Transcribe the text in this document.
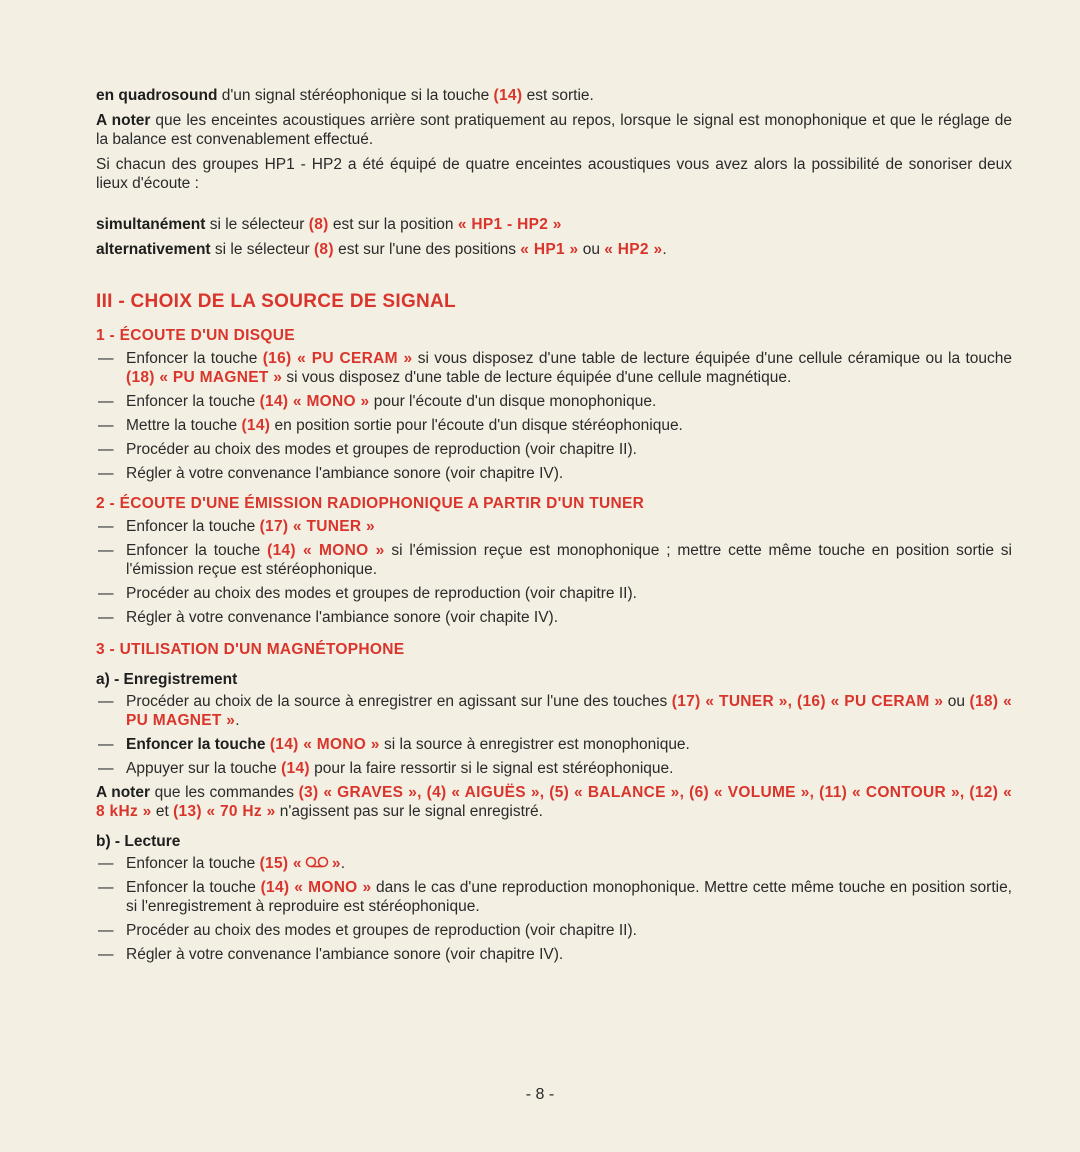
en quadrosound d'un signal stéréophonique si la touche (14) est sortie.

A noter que les enceintes acoustiques arrière sont pratiquement au repos, lorsque le signal est monophonique et que le réglage de la balance est convenablement effectué.

Si chacun des groupes HP1 - HP2 a été équipé de quatre enceintes acoustiques vous avez alors la possibilité de sonoriser deux lieux d'écoute :

simultanément si le sélecteur (8) est sur la position « HP1 - HP2 »

alternativement si le sélecteur (8) est sur l'une des positions « HP1 » ou « HP2 ».

III - CHOIX DE LA SOURCE DE SIGNAL
1 - ÉCOUTE D'UN DISQUE
— Enfoncer la touche (16) « PU CERAM » si vous disposez d'une table de lecture équipée d'une cellule céramique ou la touche (18) « PU MAGNET » si vous disposez d'une table de lecture équipée d'une cellule magnétique.
— Enfoncer la touche (14) « MONO » pour l'écoute d'un disque monophonique.
— Mettre la touche (14) en position sortie pour l'écoute d'un disque stéréophonique.
— Procéder au choix des modes et groupes de reproduction (voir chapitre II).
— Régler à votre convenance l'ambiance sonore (voir chapitre IV).
2 - ÉCOUTE D'UNE ÉMISSION RADIOPHONIQUE A PARTIR D'UN TUNER
— Enfoncer la touche (17) « TUNER »
— Enfoncer la touche (14) « MONO » si l'émission reçue est monophonique ; mettre cette même touche en position sortie si l'émission reçue est stéréophonique.
— Procéder au choix des modes et groupes de reproduction (voir chapitre II).
— Régler à votre convenance l'ambiance sonore (voir chapite IV).
3 - UTILISATION D'UN MAGNÉTOPHONE
a) - Enregistrement
— Procéder au choix de la source à enregistrer en agissant sur l'une des touches (17) « TUNER », (16) « PU CERAM » ou (18) « PU MAGNET ».
— Enfoncer la touche (14) « MONO » si la source à enregistrer est monophonique.
— Appuyer sur la touche (14) pour la faire ressortir si le signal est stéréophonique.

A noter que les commandes (3) « GRAVES », (4) « AIGUËS », (5) « BALANCE », (6) « VOLUME », (11) « CONTOUR », (12) « 8 kHz » et (13) « 70 Hz » n'agissent pas sur le signal enregistré.

b) - Lecture
— Enfoncer la touche (15) « ».
— Enfoncer la touche (14) « MONO » dans le cas d'une reproduction monophonique. Mettre cette même touche en position sortie, si l'enregistrement à reproduire est stéréophonique.
— Procéder au choix des modes et groupes de reproduction (voir chapitre II).
— Régler à votre convenance l'ambiance sonore (voir chapitre IV).
- 8 -
